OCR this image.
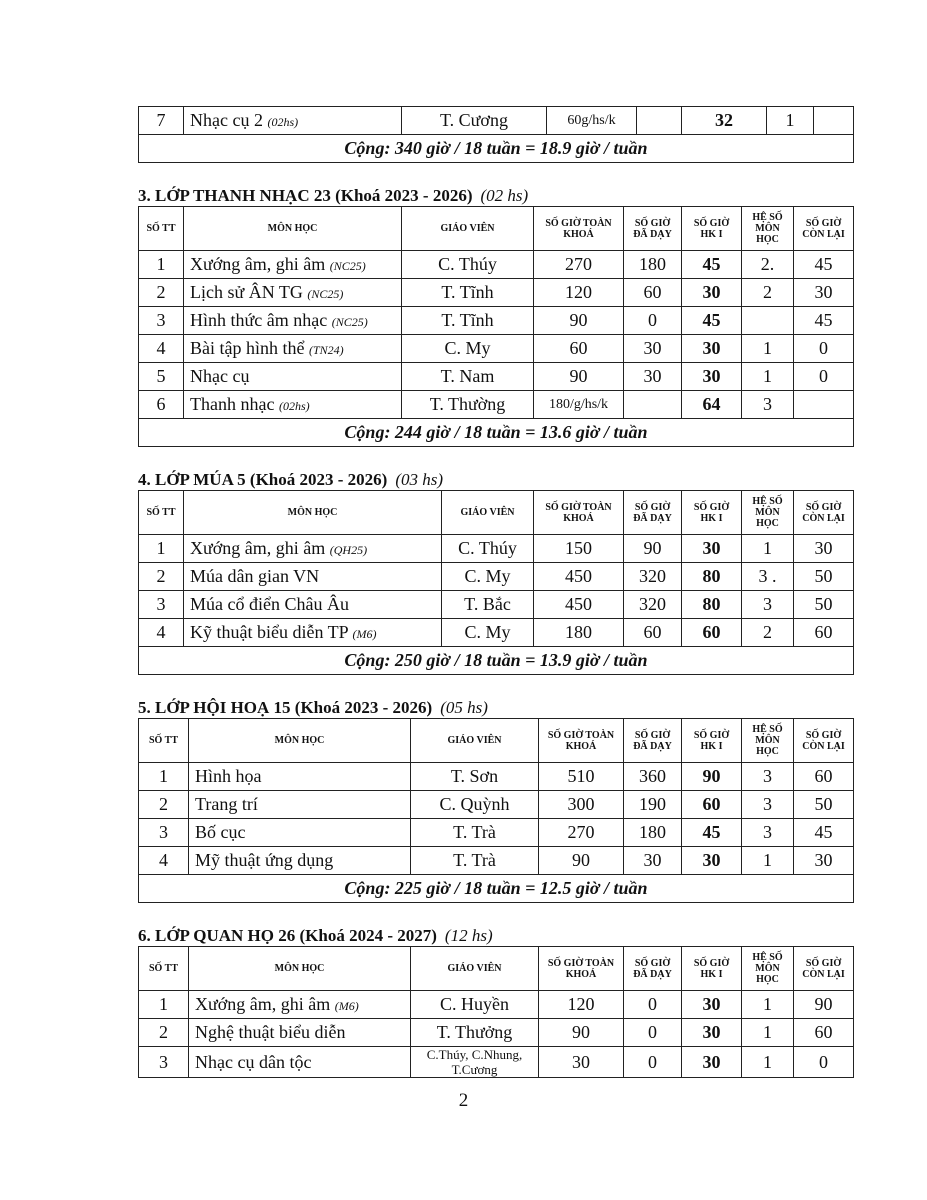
7	Nhạc cụ 2 (02hs)	T. Cương	60g/hs/k		32	1	
Cộng: 340 giờ / 18 tuần = 18.9 giờ / tuần
3. LỚP THANH NHẠC 23 (Khoá 2023 - 2026) (02 hs)
SỐ TT	MÔN HỌC	GIÁO VIÊN	SỐ GIỜ TOÀN KHOÁ	SỐ GIỜ ĐÃ DẠY	SỐ GIỜ HK I	HỆ SỐ MÔN HỌC	SỐ GIỜ CÒN LẠI
1	Xướng âm, ghi âm (NC25)	C. Thúy	270	180	45	2.	45
2	Lịch sử ÂN TG (NC25)	T. Tĩnh	120	60	30	2	30
3	Hình thức âm nhạc (NC25)	T. Tĩnh	90	0	45		45
4	Bài tập hình thể (TN24)	C. My	60	30	30	1	0
5	Nhạc cụ	T. Nam	90	30	30	1	0
6	Thanh nhạc (02hs)	T. Thường	180/g/hs/k		64	3	
Cộng: 244 giờ / 18 tuần = 13.6 giờ / tuần							
4. LỚP MÚA 5 (Khoá 2023 - 2026) (03 hs)
SỐ TT	MÔN HỌC	GIÁO VIÊN	SỐ GIỜ TOÀN KHOÁ	SỐ GIỜ ĐÃ DẠY	SỐ GIỜ HK I	HỆ SỐ MÔN HỌC	SỐ GIỜ CÒN LẠI
1	Xướng âm, ghi âm (QH25)	C. Thúy	150	90	30	1	30
2	Múa dân gian VN	C. My	450	320	80	3 .	50
3	Múa cổ điển Châu Âu	T. Bắc	450	320	80	3	50
4	Kỹ thuật biểu diễn TP (M6)	C. My	180	60	60	2	60
Cộng: 250 giờ / 18 tuần = 13.9 giờ / tuần							
5. LỚP HỘI HOẠ 15 (Khoá 2023 - 2026) (05 hs)
SỐ TT	MÔN HỌC	GIÁO VIÊN	SỐ GIỜ TOÀN KHOÁ	SỐ GIỜ ĐÃ DẠY	SỐ GIỜ HK I	HỆ SỐ MÔN HỌC	SỐ GIỜ CÒN LẠI
1	Hình họa	T. Sơn	510	360	90	3	60
2	Trang trí	C. Quỳnh	300	190	60	3	50
3	Bố cục	T. Trà	270	180	45	3	45
4	Mỹ thuật ứng dụng	T. Trà	90	30	30	1	30
Cộng: 225 giờ / 18 tuần = 12.5 giờ / tuần							
6. LỚP QUAN HỌ 26 (Khoá 2024 - 2027) (12 hs)
SỐ TT	MÔN HỌC	GIÁO VIÊN	SỐ GIỜ TOÀN KHOÁ	SỐ GIỜ ĐÃ DẠY	SỐ GIỜ HK I	HỆ SỐ MÔN HỌC	SỐ GIỜ CÒN LẠI
1	Xướng âm, ghi âm (M6)	C. Huyền	120	0	30	1	90
2	Nghệ thuật biểu diễn	T. Thưởng	90	0	30	1	60
3	Nhạc cụ dân tộc	C.Thúy, C.Nhung, T.Cương	30	0	30	1	0
2
